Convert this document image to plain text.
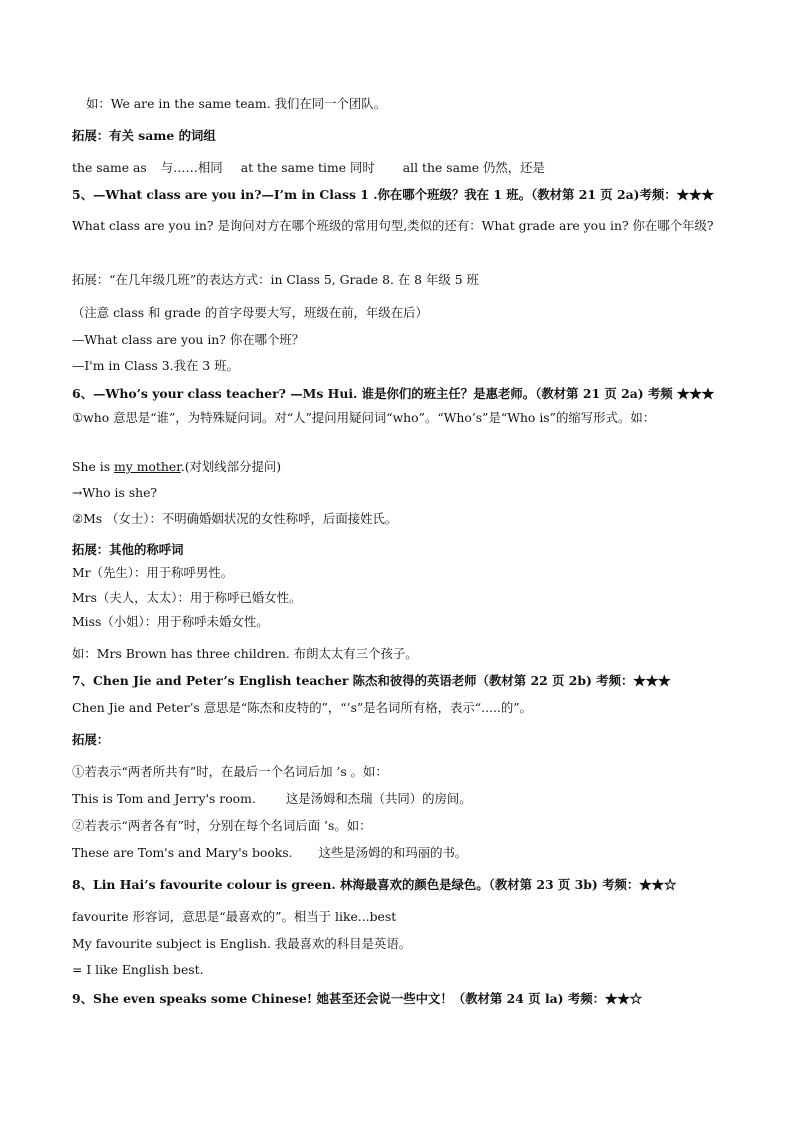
如：We are in the same team. 我们在同一个团队。
拓展：有关 same 的词组
the same as 与……相同 at the same time 同时 all the same 仍然，还是
5、—What class are you in?—I’m in Class 1 .你在哪个班级？我在 1 班。（教材第 21 页 2a)考频：★★★
What class are you in? 是询问对方在哪个班级的常用句型,类似的还有：What grade are you in? 你在哪个年级?
拓展：“在几年级几班”的表达方式：in Class 5, Grade 8. 在 8 年级 5 班
（注意 class 和 grade 的首字母要大写，班级在前，年级在后）
—What class are you in? 你在哪个班？
—I'm in Class 3.我在 3 班。
6、—Who’s your class teacher? —Ms Hui. 谁是你们的班主任？是惠老师。（教材第 21 页 2a) 考频 ★★★
①who 意思是“谁”，为特殊疑问词。对“人”提问用疑问词“who”。“Who’s”是“Who is”的缩写形式。如：
She is my mother.(对划线部分提问)
→Who is she?
②Ms （女士）：不明确婚姻状况的女性称呼，后面接姓氏。
拓展：其他的称呼词
Mr（先生）：用于称呼男性。
Mrs（夫人，太太）：用于称呼已婚女性。
Miss（小姐）：用于称呼未婚女性。
如：Mrs Brown has three children. 布朗太太有三个孩子。
7、Chen Jie and Peter’s English teacher 陈杰和彼得的英语老师（教材第 22 页 2b) 考频：★★★
Chen Jie and Peter’s 意思是“陈杰和皮特的”，“’s”是名词所有格，表示“.....的”。
拓展：
①若表示“两者所共有”时，在最后一个名词后加 ’s 。如：
This is Tom and Jerry's room. 这是汤姆和杰瑞（共同）的房间。
②若表示“两者各有”时，分别在每个名词后面 ’s。如：
These are Tom's and Mary's books. 这些是汤姆的和玛丽的书。
8、Lin Hai’s favourite colour is green. 林海最喜欢的颜色是绿色。（教材第 23 页 3b) 考频：★★☆
favourite 形容词，意思是“最喜欢的”。相当于 like...best
My favourite subject is English. 我最喜欢的科目是英语。
= I like English best.
9、She even speaks some Chinese! 她甚至还会说一些中文！（教材第 24 页 la) 考频：★★☆
